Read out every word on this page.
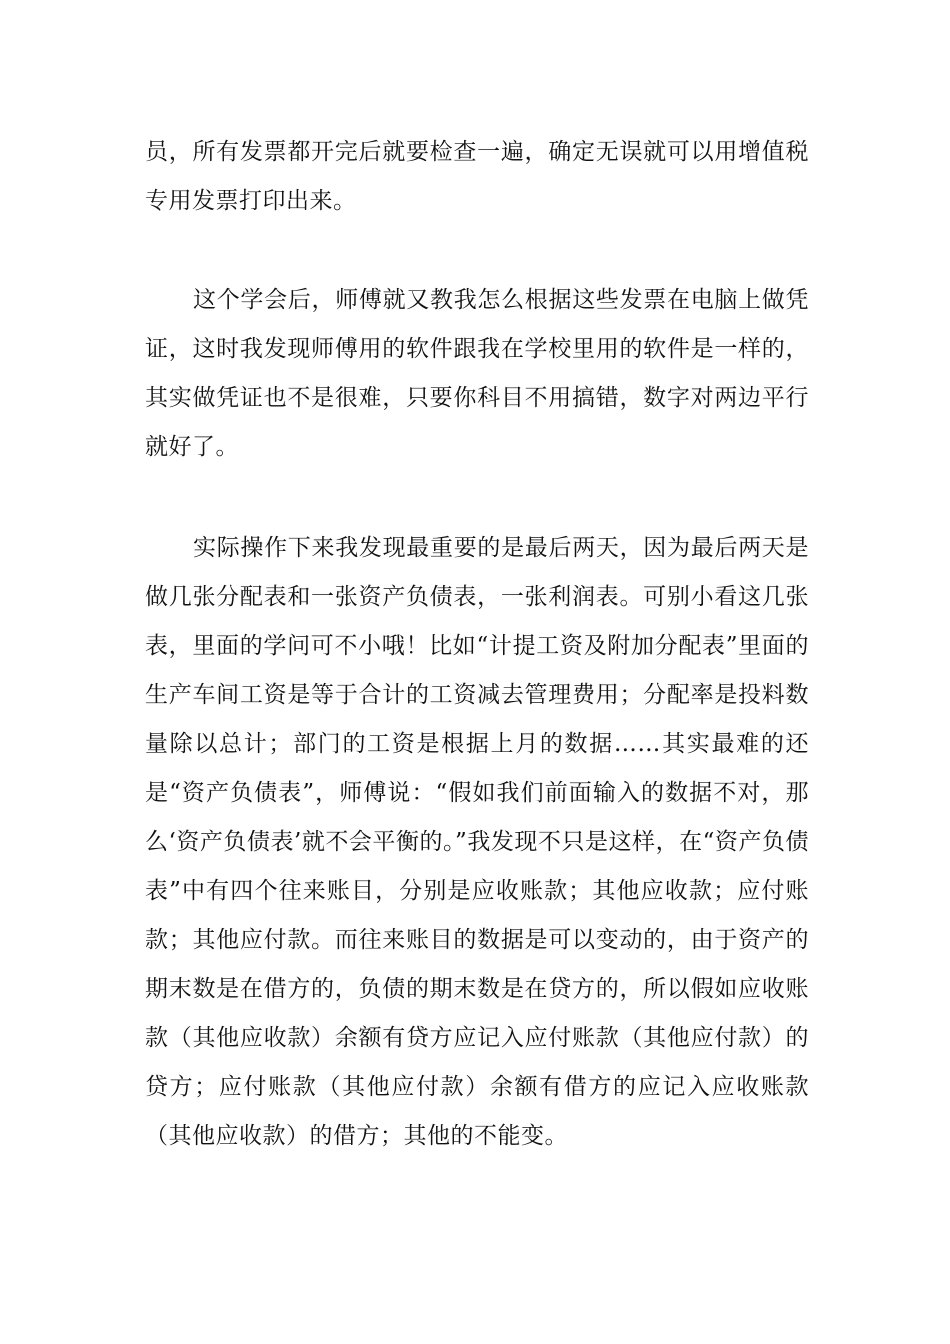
员，所有发票都开完后就要检查一遍，确定无误就可以用增值税专用发票打印出来。

这个学会后，师傅就又教我怎么根据这些发票在电脑上做凭证，这时我发现师傅用的软件跟我在学校里用的软件是一样的，其实做凭证也不是很难，只要你科目不用搞错，数字对两边平行就好了。

实际操作下来我发现最重要的是最后两天，因为最后两天是做几张分配表和一张资产负债表，一张利润表。可别小看这几张表，里面的学问可不小哦！比如“计提工资及附加分配表”里面的生产车间工资是等于合计的工资减去管理费用；分配率是投料数量除以总计；部门的工资是根据上月的数据……其实最难的还是“资产负债表”，师傅说：“假如我们前面输入的数据不对，那么‘资产负债表’就不会平衡的。”我发现不只是这样，在“资产负债表”中有四个往来账目，分别是应收账款；其他应收款；应付账款；其他应付款。而往来账目的数据是可以变动的，由于资产的期末数是在借方的，负债的期末数是在贷方的，所以假如应收账款（其他应收款）余额有贷方应记入应付账款（其他应付款）的贷方；应付账款（其他应付款）余额有借方的应记入应收账款（其他应收款）的借方；其他的不能变。
